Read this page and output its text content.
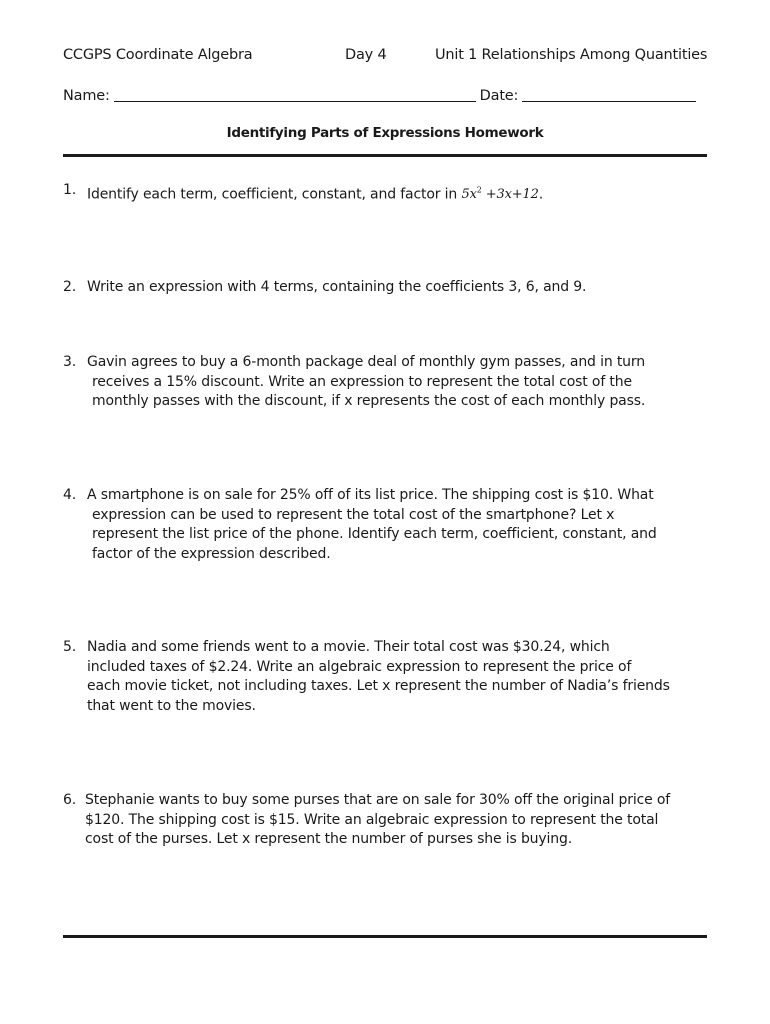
CCGPS Coordinate Algebra	Day 4	Unit 1 Relationships Among Quantities
Name:	Date:
Identifying Parts of Expressions Homework
1. Identify each term, coefficient, constant, and factor in $5x^2 +3x+12$.
2. Write an expression with 4 terms, containing the coefficients 3, 6, and 9.
3. Gavin agrees to buy a 6-month package deal of monthly gym passes, and in turn
receives a 15% discount. Write an expression to represent the total cost of the
monthly passes with the discount, if x represents the cost of each monthly pass.
4. A smartphone is on sale for 25% off of its list price. The shipping cost is $10. What
expression can be used to represent the total cost of the smartphone? Let x
represent the list price of the phone. Identify each term, coefficient, constant, and
factor of the expression described.
5. Nadia and some friends went to a movie. Their total cost was $30.24, which
included taxes of $2.24. Write an algebraic expression to represent the price of
each movie ticket, not including taxes. Let x represent the number of Nadia’s friends
that went to the movies.
6. Stephanie wants to buy some purses that are on sale for 30% off the original price of
$120. The shipping cost is $15. Write an algebraic expression to represent the total
cost of the purses. Let x represent the number of purses she is buying.
